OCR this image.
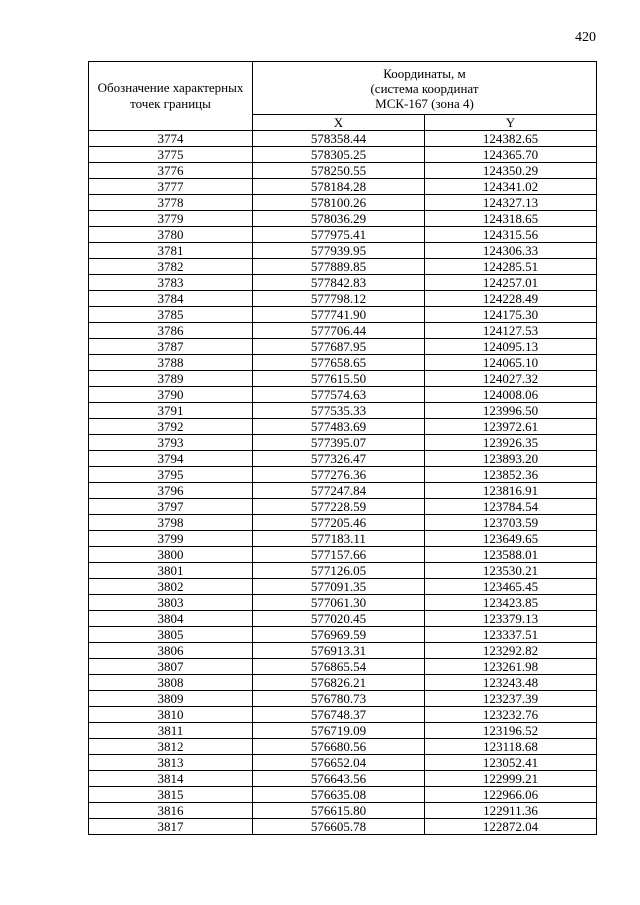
420
Обозначение характерных точек границы	Координаты, м
(система координат
МСК-167 (зона 4)	

	X	Y
3774	578358.44	124382.65
3775	578305.25	124365.70
3776	578250.55	124350.29
3777	578184.28	124341.02
3778	578100.26	124327.13
3779	578036.29	124318.65
3780	577975.41	124315.56
3781	577939.95	124306.33
3782	577889.85	124285.51
3783	577842.83	124257.01
3784	577798.12	124228.49
3785	577741.90	124175.30
3786	577706.44	124127.53
3787	577687.95	124095.13
3788	577658.65	124065.10
3789	577615.50	124027.32
3790	577574.63	124008.06
3791	577535.33	123996.50
3792	577483.69	123972.61
3793	577395.07	123926.35
3794	577326.47	123893.20
3795	577276.36	123852.36
3796	577247.84	123816.91
3797	577228.59	123784.54
3798	577205.46	123703.59
3799	577183.11	123649.65
3800	577157.66	123588.01
3801	577126.05	123530.21
3802	577091.35	123465.45
3803	577061.30	123423.85
3804	577020.45	123379.13
3805	576969.59	123337.51
3806	576913.31	123292.82
3807	576865.54	123261.98
3808	576826.21	123243.48
3809	576780.73	123237.39
3810	576748.37	123232.76
3811	576719.09	123196.52
3812	576680.56	123118.68
3813	576652.04	123052.41
3814	576643.56	122999.21
3815	576635.08	122966.06
3816	576615.80	122911.36
3817	576605.78	122872.04
